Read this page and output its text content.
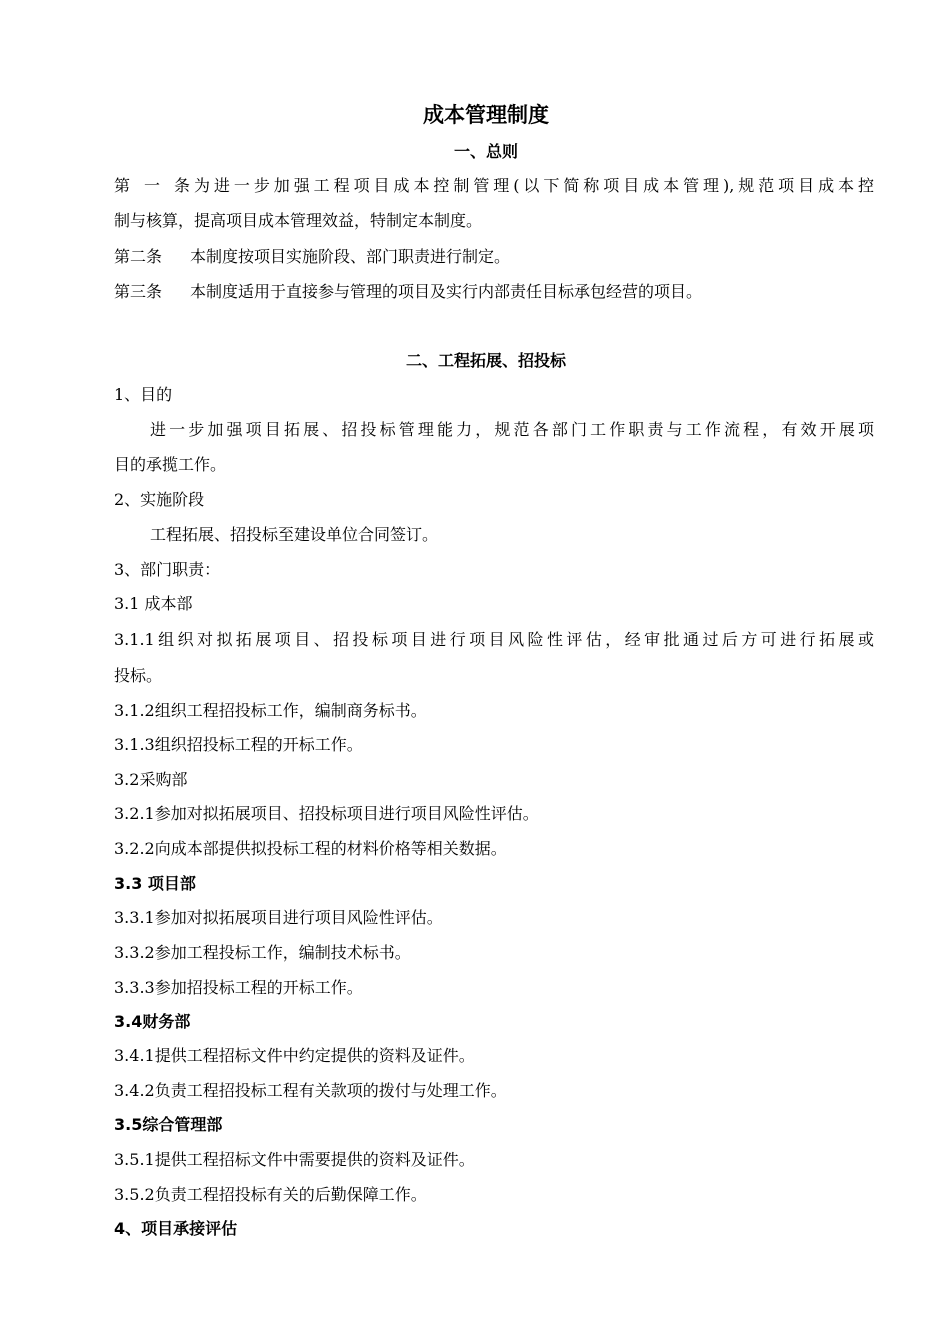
成本管理制度
一、总则
第一条为进一步加强工程项目成本控制管理(以下简称项目成本管理),规范项目成本控
制与核算，提高项目成本管理效益，特制定本制度。
第二条 本制度按项目实施阶段、部门职责进行制定。
第三条 本制度适用于直接参与管理的项目及实行内部责任目标承包经营的项目。
二、工程拓展、招投标
1、目的
进一步加强项目拓展、招投标管理能力，规范各部门工作职责与工作流程，有效开展项
目的承揽工作。
2、实施阶段
工程拓展、招投标至建设单位合同签订。
3、部门职责：
3.1 成本部
3.1.1组织对拟拓展项目、招投标项目进行项目风险性评估，经审批通过后方可进行拓展或
投标。
3.1.2组织工程招投标工作，编制商务标书。
3.1.3组织招投标工程的开标工作。
3.2采购部
3.2.1参加对拟拓展项目、招投标项目进行项目风险性评估。
3.2.2向成本部提供拟投标工程的材料价格等相关数据。
3.3 项目部
3.3.1参加对拟拓展项目进行项目风险性评估。
3.3.2参加工程投标工作，编制技术标书。
3.3.3参加招投标工程的开标工作。
3.4财务部
3.4.1提供工程招标文件中约定提供的资料及证件。
3.4.2负责工程招投标工程有关款项的拨付与处理工作。
3.5综合管理部
3.5.1提供工程招标文件中需要提供的资料及证件。
3.5.2负责工程招投标有关的后勤保障工作。
4、项目承接评估
